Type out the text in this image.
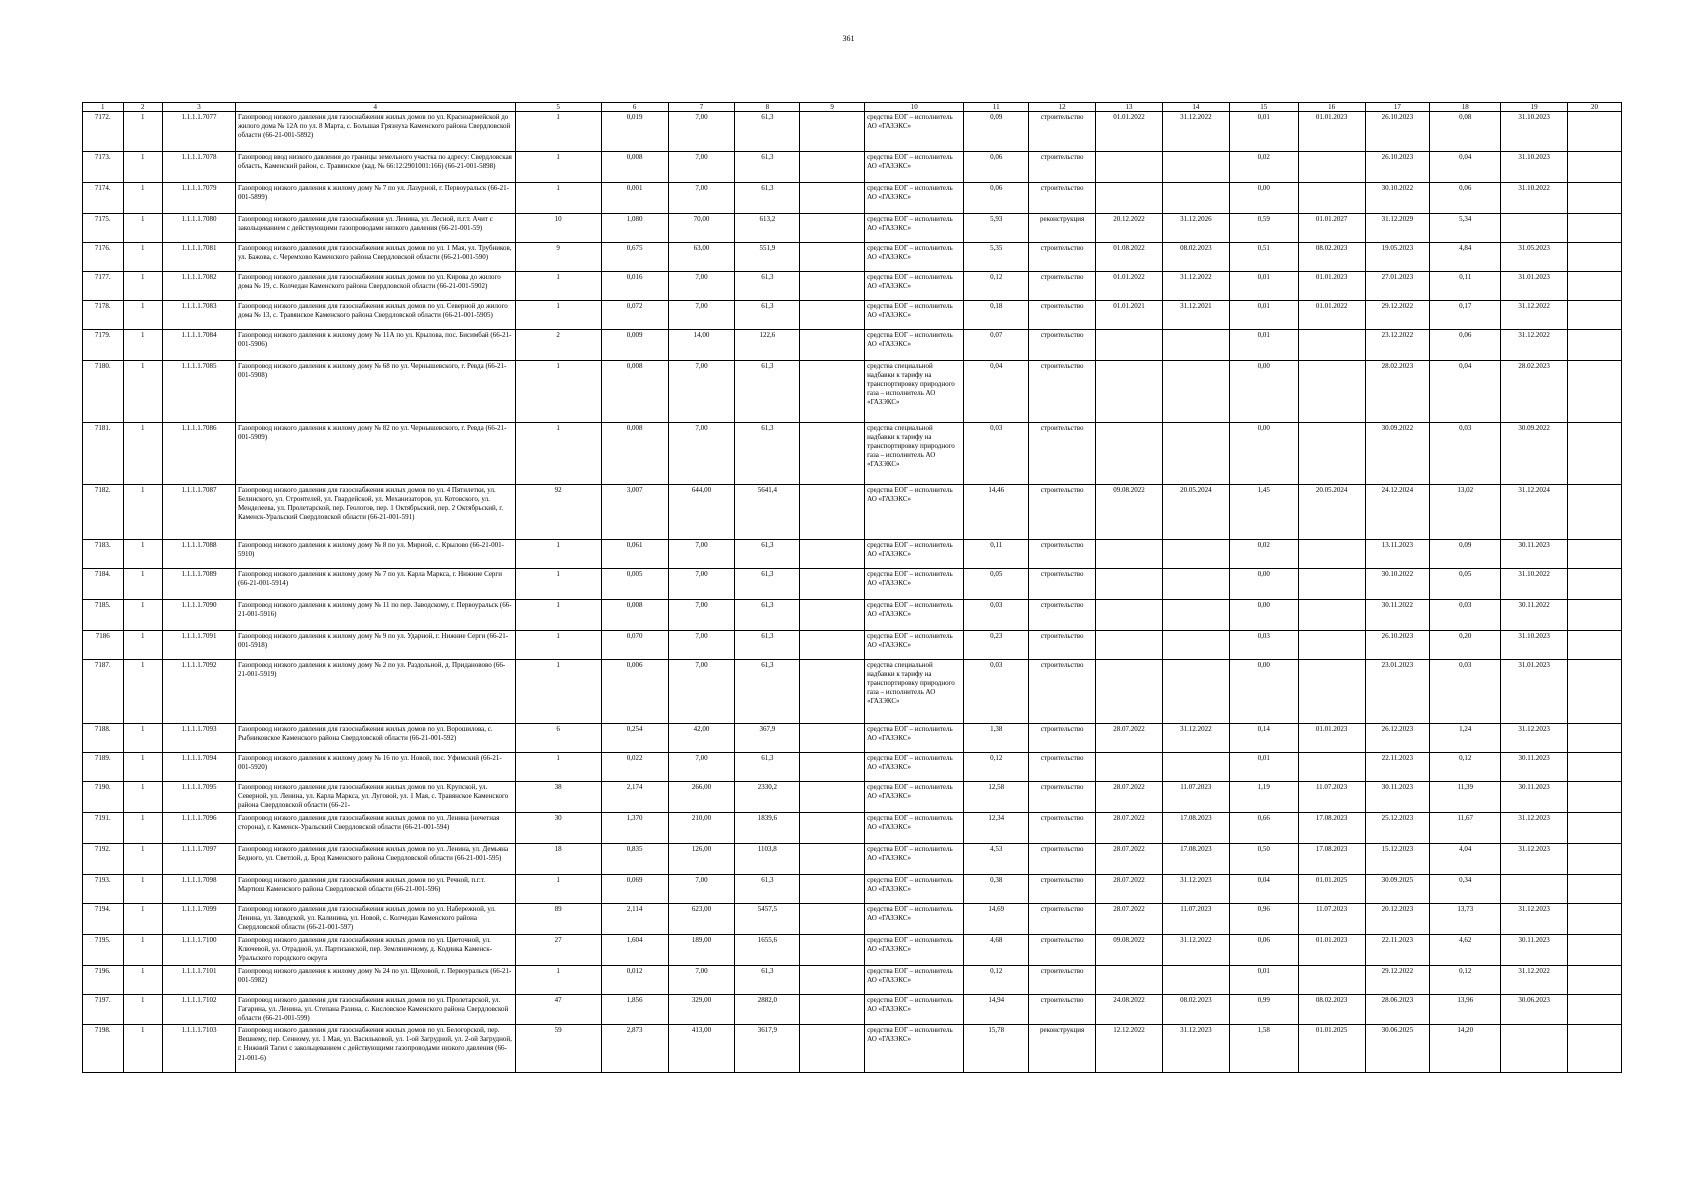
361
1	2	3	4	5	6	7	8	9	10	11	12	13	14	15	16	17	18	19	20
7172.	1	1.1.1.1.7077	Газопровод низкого давления для газоснабжения жилых домов по ул. Красноармейской до жилого дома № 12А по ул. 8 Марта, с. Большая Грязнуха Каменского района Свердловской области (66-21-001-5892)	1	0,019	7,00	61,3		средства ЕОГ – исполнитель АО «ГАЗЭКС»	0,09	строительство	01.01.2022	31.12.2022	0,01	01.01.2023	26.10.2023	0,08	31.10.2023	
7173.	1	1.1.1.1.7078	Газопровод ввод низкого давления до границы земельного участка по адресу: Свердловская область, Каменский район, с. Травянское (кад. № 66:12:2901001:166) (66-21-001-5898)	1	0,008	7,00	61,3		средства ЕОГ – исполнитель АО «ГАЗЭКС»	0,06	строительство			0,02		26.10.2023	0,04	31.10.2023	
7174.	1	1.1.1.1.7079	Газопровод низкого давления к жилому дому № 7 по ул. Лазурной, г. Первоуральск (66-21-001-5899)	1	0,001	7,00	61,3		средства ЕОГ – исполнитель АО «ГАЗЭКС»	0,06	строительство			0,00		30.10.2022	0,06	31.10.2022	
7175.	1	1.1.1.1.7080	Газопровод низкого давления для газоснабжения ул. Ленина, ул. Лесной, п.г.т. Ачит с закольцеванием с действующими газопроводами низкого давления (66-21-001-59)	10	1,080	70,00	613,2		средства ЕОГ – исполнитель АО «ГАЗЭКС»	5,93	реконструкция	20.12.2022	31.12.2026	0,59	01.01.2027	31.12.2029	5,34		
7176.	1	1.1.1.1.7081	Газопровод низкого давления для газоснабжения жилых домов по ул. 1 Мая, ул. Трубников, ул. Бажова, с. Черемхово Каменского района Свердловской области (66-21-001-590)	9	0,675	63,00	551,9		средства ЕОГ – исполнитель АО «ГАЗЭКС»	5,35	строительство	01.08.2022	08.02.2023	0,51	08.02.2023	19.05.2023	4,84	31.05.2023	
7177.	1	1.1.1.1.7082	Газопровод низкого давления для газоснабжения жилых домов по ул. Кирова до жилого дома № 19, с. Колчедан Каменского района Свердловской области (66-21-001-5902)	1	0,016	7,00	61,3		средства ЕОГ – исполнитель АО «ГАЗЭКС»	0,12	строительство	01.01.2022	31.12.2022	0,01	01.01.2023	27.01.2023	0,11	31.01.2023	
7178.	1	1.1.1.1.7083	Газопровод низкого давления для газоснабжения жилых домов по ул. Северной до жилого дома № 13, с. Травянское Каменского района Свердловской области (66-21-001-5905)	1	0,072	7,00	61,3		средства ЕОГ – исполнитель АО «ГАЗЭКС»	0,18	строительство	01.01.2021	31.12.2021	0,01	01.01.2022	29.12.2022	0,17	31.12.2022	
7179.	1	1.1.1.1.7084	Газопровод низкого давления к жилому дому № 11А по ул. Крылова, пос. Бисимбай (66-21-001-5906)	2	0,009	14,00	122,6		средства ЕОГ – исполнитель АО «ГАЗЭКС»	0,07	строительство			0,01		23.12.2022	0,06	31.12.2022	
7180.	1	1.1.1.1.7085	Газопровод низкого давления к жилому дому № 68 по ул. Чернышевского, г. Ревда (66-21-001-5908)	1	0,008	7,00	61,3		средства специальной надбавки к тарифу на транспортировку природного газа – исполнитель АО «ГАЗЭКС»	0,04	строительство			0,00		28.02.2023	0,04	28.02.2023	
7181.	1	1.1.1.1.7086	Газопровод низкого давления к жилому дому № 82 по ул. Чернышевского, г. Ревда (66-21-001-5909)	1	0,008	7,00	61,3		средства специальной надбавки к тарифу на транспортировку природного газа – исполнитель АО «ГАЗЭКС»	0,03	строительство			0,00		30.09.2022	0,03	30.09.2022	
7182.	1	1.1.1.1.7087	Газопровод низкого давления для газоснабжения жилых домов по ул. 4 Пятилетки, ул. Белинского, ул. Строителей, ул. Гвардейской, ул. Механизаторов, ул. Котовского, ул. Менделеева, ул. Пролетарской, пер. Геологов, пер. 1 Октябрьский, пер. 2 Октябрьский, г. Каменск-Уральский Свердловской области (66-21-001-591)	92	3,007	644,00	5641,4		средства ЕОГ – исполнитель АО «ГАЗЭКС»	14,46	строительство	09.08.2022	20.05.2024	1,45	20.05.2024	24.12.2024	13,02	31.12.2024	
7183.	1	1.1.1.1.7088	Газопровод низкого давления к жилому дому № 8 по ул. Мирной, с. Крылово (66-21-001-5910)	1	0,061	7,00	61,3		средства ЕОГ – исполнитель АО «ГАЗЭКС»	0,11	строительство			0,02		13.11.2023	0,09	30.11.2023	
7184.	1	1.1.1.1.7089	Газопровод низкого давления к жилому дому № 7 по ул. Карла Маркса, г. Нижние Серги (66-21-001-5914)	1	0,005	7,00	61,3		средства ЕОГ – исполнитель АО «ГАЗЭКС»	0,05	строительство			0,00		30.10.2022	0,05	31.10.2022	
7185.	1	1.1.1.1.7090	Газопровод низкого давления к жилому дому № 11 по пер. Заводскому, г. Первоуральск (66-21-001-5916)	1	0,008	7,00	61,3		средства ЕОГ – исполнитель АО «ГАЗЭКС»	0,03	строительство			0,00		30.11.2022	0,03	30.11.2022	
7186	1	1.1.1.1.7091	Газопровод низкого давления к жилому дому № 9 по ул. Ударной, г. Нижние Серги (66-21-001-5918)	1	0,070	7,00	61,3		средства ЕОГ – исполнитель АО «ГАЗЭКС»	0,23	строительство			0,03		26.10.2023	0,20	31.10.2023	
7187.	1	1.1.1.1.7092	Газопровод низкого давления к жилому дому № 2 по ул. Раздольной, д. Придановово (66-21-001-5919)	1	0,006	7,00	61,3		средства специальной надбавки к тарифу на транспортировку природного газа – исполнитель АО «ГАЗЭКС»	0,03	строительство			0,00		23.01.2023	0,03	31.01.2023	
7188.	1	1.1.1.1.7093	Газопровод низкого давления для газоснабжения жилых домов по ул. Ворошилова, с. Рыбниковское Каменского района Свердловской области (66-21-001-592)	6	0,254	42,00	367,9		средства ЕОГ – исполнитель АО «ГАЗЭКС»	1,38	строительство	28.07.2022	31.12.2022	0,14	01.01.2023	26.12.2023	1,24	31.12.2023	
7189.	1	1.1.1.1.7094	Газопровод низкого давления к жилому дому № 16 по ул. Новой, пос. Уфимский (66-21-001-5920)	1	0,022	7,00	61,3		средства ЕОГ – исполнитель АО «ГАЗЭКС»	0,12	строительство			0,01		22.11.2023	0,12	30.11.2023	
7190.	1	1.1.1.1.7095	Газопровод низкого давления для газоснабжения жилых домов по ул. Крупской, ул. Северной, ул. Ленина, ул. Карла Маркса, ул. Луговой, ул. 1 Мая, с. Травянское Каменского района Свердловской области (66-21-	38	2,174	266,00	2330,2		средства ЕОГ – исполнитель АО «ГАЗЭКС»	12,58	строительство	28.07.2022	11.07.2023	1,19	11.07.2023	30.11.2023	11,39	30.11.2023	
7191.	1	1.1.1.1.7096	Газопровод низкого давления для газоснабжения жилых домов по ул. Ленина (нечетная сторона), г. Каменск-Уральский Свердловской области (66-21-001-594)	30	1,370	210,00	1839,6		средства ЕОГ – исполнитель АО «ГАЗЭКС»	12,34	строительство	28.07.2022	17.08.2023	0,66	17.08.2023	25.12.2023	11,67	31.12.2023	
7192.	1	1.1.1.1.7097	Газопровод низкого давления для газоснабжения жилых домов по ул. Ленина, ул. Демьяна Бедного, ул. Светлой, д. Брод Каменского района Свердловской области (66-21-001-595)	18	0,835	126,00	1103,8		средства ЕОГ – исполнитель АО «ГАЗЭКС»	4,53	строительство	28.07.2022	17.08.2023	0,50	17.08.2023	15.12.2023	4,04	31.12.2023	
7193.	1	1.1.1.1.7098	Газопровод низкого давления для газоснабжения жилых домов по ул. Речной, п.г.т. Мартюш Каменского района Свердловской области (66-21-001-596)	1	0,069	7,00	61,3		средства ЕОГ – исполнитель АО «ГАЗЭКС»	0,38	строительство	28.07.2022	31.12.2023	0,04	01.01.2025	30.09.2025	0,34		
7194.	1	1.1.1.1.7099	Газопровод низкого давления для газоснабжения жилых домов по ул. Набережной, ул. Ленина, ул. Заводской, ул. Калинина, ул. Новой, с. Колчедан Каменского района Свердловской области (66-21-001-597)	89	2,114	623,00	5457,5		средства ЕОГ – исполнитель АО «ГАЗЭКС»	14,69	строительство	28.07.2022	11.07.2023	0,96	11.07.2023	20.12.2023	13,73	31.12.2023	
7195.	1	1.1.1.1.7100	Газопровод низкого давления для газоснабжения жилых домов по ул. Цветочной, ул. Ключевой, ул. Отрадной, ул. Партизанской, пер. Земляничному, д. Кодинка Каменск-Уральского городского округа	27	1,604	189,00	1655,6		средства ЕОГ – исполнитель АО «ГАЗЭКС»	4,68	строительство	09.08.2022	31.12.2022	0,06	01.01.2023	22.11.2023	4,62	30.11.2023	
7196.	1	1.1.1.1.7101	Газопровод низкого давления к жилому дому № 24 по ул. Щеховой, г. Первоуральск (66-21-001-5982)	1	0,012	7,00	61,3		средства ЕОГ – исполнитель АО «ГАЗЭКС»	0,12	строительство			0,01		29.12.2022	0,12	31.12.2022	
7197.	1	1.1.1.1.7102	Газопровод низкого давления для газоснабжения жилых домов по ул. Пролетарской, ул. Гагарина, ул. Ленина, ул. Степана Разина, с. Кисловское Каменского района Свердловской области (66-21-001-599)	47	1,856	329,00	2882,0		средства ЕОГ – исполнитель АО «ГАЗЭКС»	14,94	строительство	24.08.2022	08.02.2023	0,99	08.02.2023	28.06.2023	13,96	30.06.2023	
7198.	1	1.1.1.1.7103	Газопровод низкого давления для газоснабжения жилых домов по ул. Белогорской, пер. Вешнему, пер. Сенному, ул. 1 Мая, ул. Васильковой, ул. 1-ой Загрудной, ул. 2-ой Загрудной, г. Нижний Тагил с закольцеванием с действующими газопроводами низкого давления (66-21-001-6)	59	2,873	413,00	3617,9		средства ЕОГ – исполнитель АО «ГАЗЭКС»	15,78	реконструкция	12.12.2022	31.12.2023	1,58	01.01.2025	30.06.2025	14,20		
